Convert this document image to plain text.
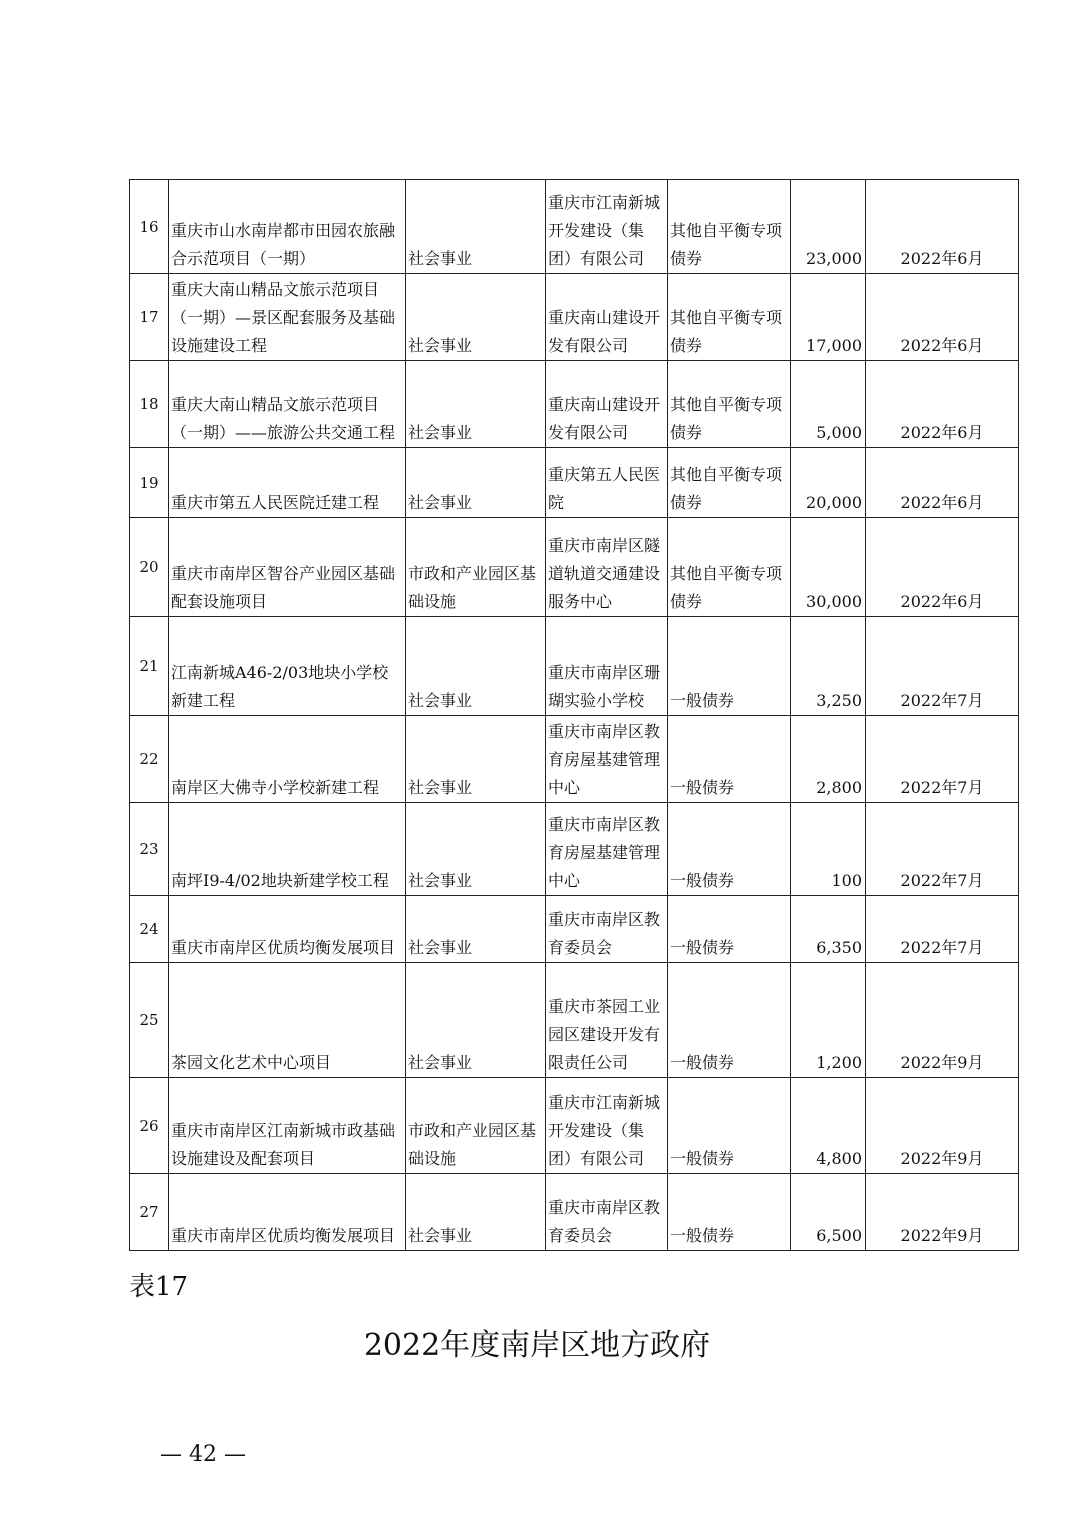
16	重庆市山水南岸都市田园农旅融合示范项目（一期）	社会事业	重庆市江南新城开发建设（集团）有限公司	其他自平衡专项债券	23,000	2022年6月
17	重庆大南山精品文旅示范项目（一期）—景区配套服务及基础设施建设工程	社会事业	重庆南山建设开发有限公司	其他自平衡专项债券	17,000	2022年6月
18	重庆大南山精品文旅示范项目（一期）——旅游公共交通工程	社会事业	重庆南山建设开发有限公司	其他自平衡专项债券	5,000	2022年6月
19	重庆市第五人民医院迁建工程	社会事业	重庆第五人民医院	其他自平衡专项债券	20,000	2022年6月
20	重庆市南岸区智谷产业园区基础配套设施项目	市政和产业园区基础设施	重庆市南岸区隧道轨道交通建设服务中心	其他自平衡专项债券	30,000	2022年6月
21	江南新城A46-2/03地块小学校新建工程	社会事业	重庆市南岸区珊瑚实验小学校	一般债券	3,250	2022年7月
22	南岸区大佛寺小学校新建工程	社会事业	重庆市南岸区教育房屋基建管理中心	一般债券	2,800	2022年7月
23	南坪I9-4/02地块新建学校工程	社会事业	重庆市南岸区教育房屋基建管理中心	一般债券	100	2022年7月
24	重庆市南岸区优质均衡发展项目	社会事业	重庆市南岸区教育委员会	一般债券	6,350	2022年7月
25	茶园文化艺术中心项目	社会事业	重庆市茶园工业园区建设开发有限责任公司	一般债券	1,200	2022年9月
26	重庆市南岸区江南新城市政基础设施建设及配套项目	市政和产业园区基础设施	重庆市江南新城开发建设（集团）有限公司	一般债券	4,800	2022年9月
27	重庆市南岸区优质均衡发展项目	社会事业	重庆市南岸区教育委员会	一般债券	6,500	2022年9月
表17
2022年度南岸区地方政府
— 42 —
